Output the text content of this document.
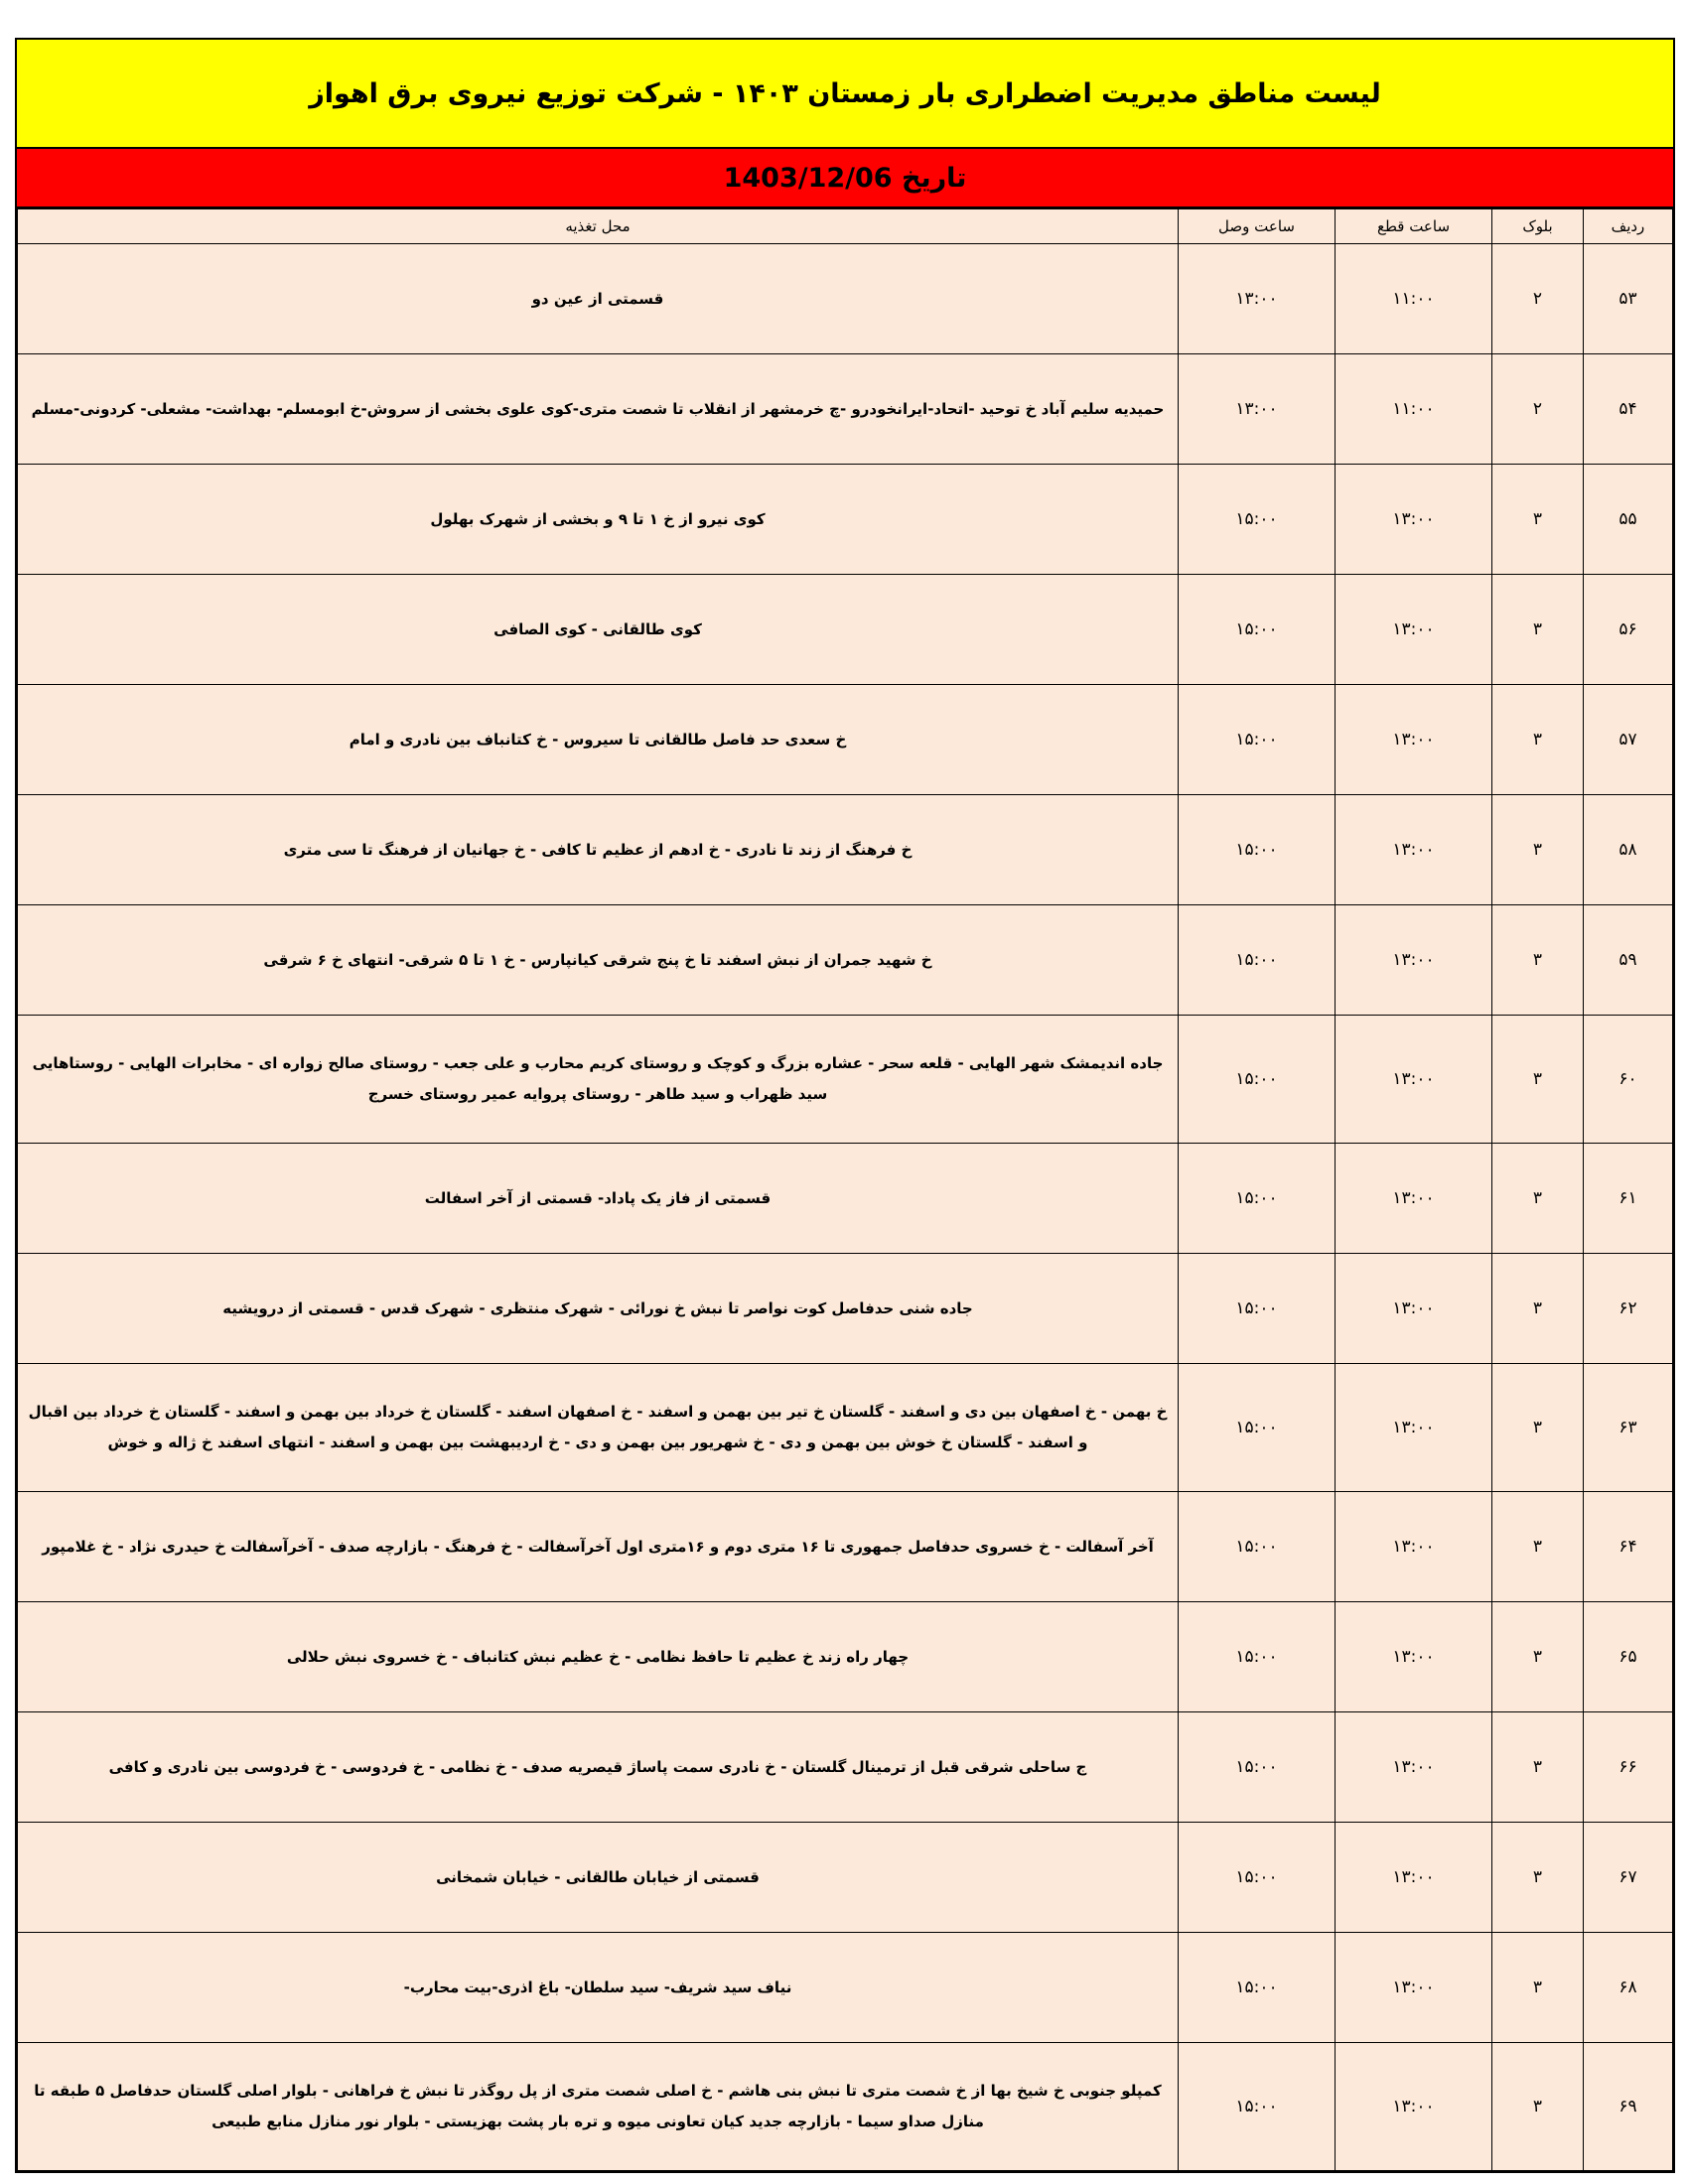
لیست مناطق مدیریت اضطراری بار زمستان ۱۴۰۳ - شرکت توزیع نیروی برق اهواز
تاریخ 1403/12/06
ردیف	بلوک	ساعت قطع	ساعت وصل	محل تغذیه
۵۳	۲	۱۱:۰۰	۱۳:۰۰	قسمتی از عین دو
۵۴	۲	۱۱:۰۰	۱۳:۰۰	حمیدیه سلیم آباد خ توحید -اتحاد-ایرانخودرو -چ خرمشهر از انقلاب تا شصت متری-کوی علوی بخشی از سروش-خ ابومسلم- بهداشت- مشعلی- کردونی-مسلم
۵۵	۳	۱۳:۰۰	۱۵:۰۰	کوی نیرو از خ ۱ تا ۹ و بخشی از شهرک بهلول
۵۶	۳	۱۳:۰۰	۱۵:۰۰	کوی طالقانی - کوی الصافی
۵۷	۳	۱۳:۰۰	۱۵:۰۰	خ سعدی حد فاصل طالقانی تا سیروس - خ کتانباف بین نادری و امام
۵۸	۳	۱۳:۰۰	۱۵:۰۰	خ فرهنگ از زند تا نادری - خ ادهم از عظیم تا کافی - خ جهانیان از فرهنگ تا سی متری
۵۹	۳	۱۳:۰۰	۱۵:۰۰	خ شهید جمران از نبش اسفند تا خ پنج شرقی کیانپارس - خ ۱ تا ۵ شرقی- انتهای خ ۶ شرقی
۶۰	۳	۱۳:۰۰	۱۵:۰۰	جاده اندیمشک شهر الهایی - قلعه سحر - عشاره بزرگ و کوچک و روستای کریم محارب و علی جعب - روستای صالح زواره ای - مخابرات الهایی - روستاهایی سید ظهراب و سید طاهر - روستای پروایه عمیر روستای خسرج
۶۱	۳	۱۳:۰۰	۱۵:۰۰	قسمتی از فاز یک پاداد- قسمتی از آخر اسفالت
۶۲	۳	۱۳:۰۰	۱۵:۰۰	جاده شنی حدفاصل کوت نواصر تا نبش خ نورائی - شهرک منتظری - شهرک قدس - قسمتی از درویشیه
۶۳	۳	۱۳:۰۰	۱۵:۰۰	خ بهمن - خ اصفهان بین دی و اسفند - گلستان خ تیر بین بهمن و اسفند - خ اصفهان اسفند - گلستان خ خرداد بین بهمن و اسفند - گلستان خ خرداد بین اقبال و اسفند - گلستان خ خوش بین بهمن و دی - خ شهریور بین بهمن و دی - خ اردیبهشت بین بهمن و اسفند - انتهای اسفند خ ژاله و خوش
۶۴	۳	۱۳:۰۰	۱۵:۰۰	آخر آسفالت - خ خسروی حدفاصل جمهوری تا ۱۶ متری دوم و ۱۶متری اول آخرآسفالت - خ فرهنگ - بازارچه صدف - آخرآسفالت خ حیدری نژاد - خ غلامپور
۶۵	۳	۱۳:۰۰	۱۵:۰۰	چهار راه زند خ عظیم تا حافظ نظامی - خ عظیم نبش کتانباف - خ خسروی نبش حلالی
۶۶	۳	۱۳:۰۰	۱۵:۰۰	ج ساحلی شرقی قبل از ترمینال گلستان - خ نادری سمت پاساژ قیصریه صدف - خ نظامی - خ فردوسی - خ فردوسی بین نادری و کافی
۶۷	۳	۱۳:۰۰	۱۵:۰۰	قسمتی از خیابان طالقانی - خیابان شمخانی
۶۸	۳	۱۳:۰۰	۱۵:۰۰	نیاف سید شریف- سید سلطان- باغ اذری-بیت محارب-
۶۹	۳	۱۳:۰۰	۱۵:۰۰	کمپلو جنوبی خ شیخ بها از خ شصت متری تا نبش بنی هاشم - خ اصلی شصت متری از پل روگذر تا نبش خ فراهانی - بلوار اصلی گلستان حدفاصل ۵ طبقه تا منازل صداو سیما - بازارچه جدید کیان تعاونی میوه و تره بار پشت بهزیستی - بلوار نور منازل منابع طبیعی
